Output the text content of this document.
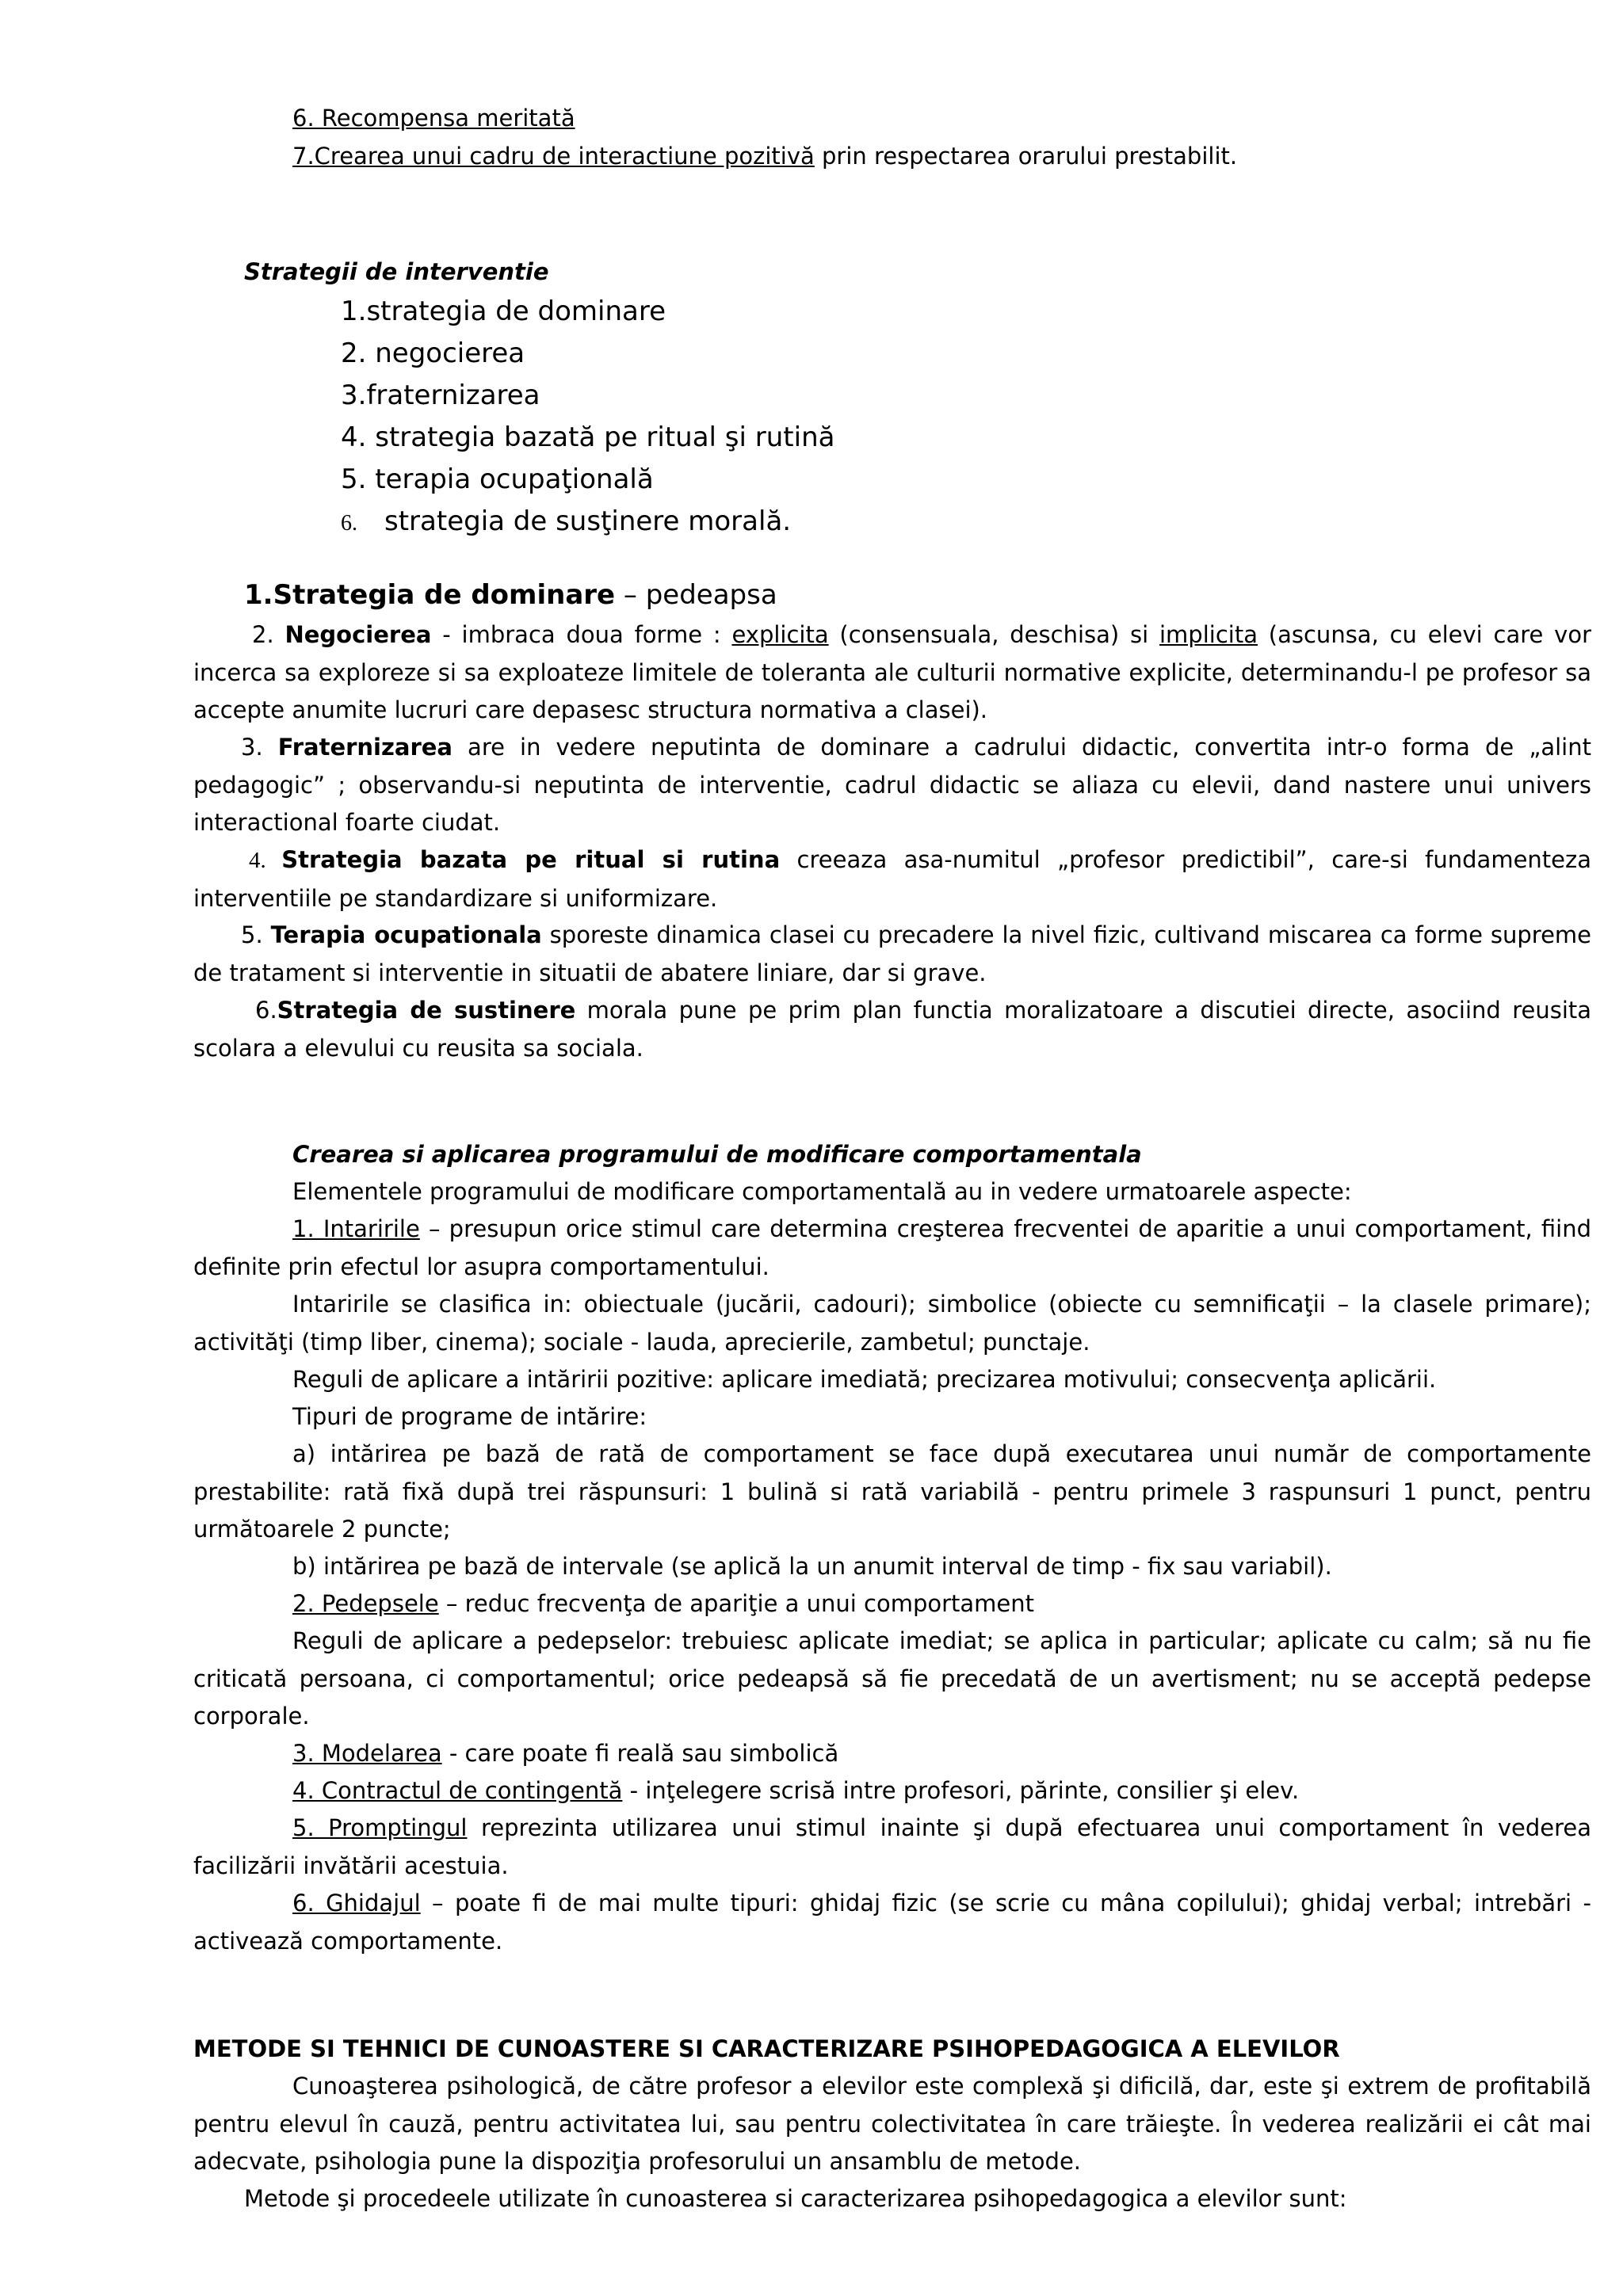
6. Recompensa meritată
7.Crearea unui cadru de interactiune pozitivă prin respectarea orarului prestabilit.
Strategii de interventie
1.strategia de dominare
2. negocierea
3.fraternizarea
4. strategia bazată pe ritual şi rutină
5. terapia ocupaţională
6. strategia de susţinere morală.
1.Strategia de dominare – pedeapsa

2. Negocierea - imbraca doua forme : explicita (consensuala, deschisa) si implicita (ascunsa, cu elevi care vor incerca sa exploreze si sa exploateze limitele de toleranta ale culturii normative explicite, determinandu-l pe profesor sa accepte anumite lucruri care depasesc structura normativa a clasei).

3. Fraternizarea are in vedere neputinta de dominare a cadrului didactic, convertita intr-o forma de „alint pedagogic” ; observandu-si neputinta de interventie, cadrul didactic se aliaza cu elevii, dand nastere unui univers interactional foarte ciudat.

4. Strategia bazata pe ritual si rutina creeaza asa-numitul „profesor predictibil”, care-si fundamenteza interventiile pe standardizare si uniformizare.

5. Terapia ocupationala sporeste dinamica clasei cu precadere la nivel fizic, cultivand miscarea ca forme supreme de tratament si interventie in situatii de abatere liniare, dar si grave.

6.Strategia de sustinere morala pune pe prim plan functia moralizatoare a discutiei directe, asociind reusita scolara a elevului cu reusita sa sociala.

Crearea si aplicarea programului de modificare comportamentala
Elementele programului de modificare comportamentală au in vedere urmatoarele aspecte:

1. Intaririle – presupun orice stimul care determina creşterea frecventei de aparitie a unui comportament, fiind definite prin efectul lor asupra comportamentului.

Intaririle se clasifica in: obiectuale (jucării, cadouri); simbolice (obiecte cu semnificaţii – la clasele primare); activităţi (timp liber, cinema); sociale - lauda, aprecierile, zambetul; punctaje.

Reguli de aplicare a intăririi pozitive: aplicare imediată; precizarea motivului; consecvenţa aplicării.
Tipuri de programe de intărire:

a) intărirea pe bază de rată de comportament se face după executarea unui număr de comportamente prestabilite: rată fixă după trei răspunsuri: 1 bulină si rată variabilă - pentru primele 3 raspunsuri 1 punct, pentru următoarele 2 puncte;

b) intărirea pe bază de intervale (se aplică la un anumit interval de timp - fix sau variabil).
2. Pedepsele – reduc frecvenţa de apariţie a unui comportament

Reguli de aplicare a pedepselor: trebuiesc aplicate imediat; se aplica in particular; aplicate cu calm; să nu fie criticată persoana, ci comportamentul; orice pedeapsă să fie precedată de un avertisment; nu se acceptă pedepse corporale.

3. Modelarea - care poate fi reală sau simbolică
4. Contractul de contingentă - inţelegere scrisă intre profesori, părinte, consilier şi elev.

5. Promptingul reprezinta utilizarea unui stimul inainte şi după efectuarea unui comportament în vederea facilizării invătării acestuia.

6. Ghidajul – poate fi de mai multe tipuri: ghidaj fizic (se scrie cu mâna copilului); ghidaj verbal; intrebări - activează comportamente.

METODE SI TEHNICI DE CUNOASTERE SI CARACTERIZARE PSIHOPEDAGOGICA A ELEVILOR

Cunoaşterea psihologică, de către profesor a elevilor este complexă şi dificilă, dar, este şi extrem de profitabilă pentru elevul în cauză, pentru activitatea lui, sau pentru colectivitatea în care trăieşte. În vederea realizării ei cât mai adecvate, psihologia pune la dispoziţia profesorului un ansamblu de metode.

Metode şi procedeele utilizate în cunoasterea si caracterizarea psihopedagogica a elevilor sunt:
